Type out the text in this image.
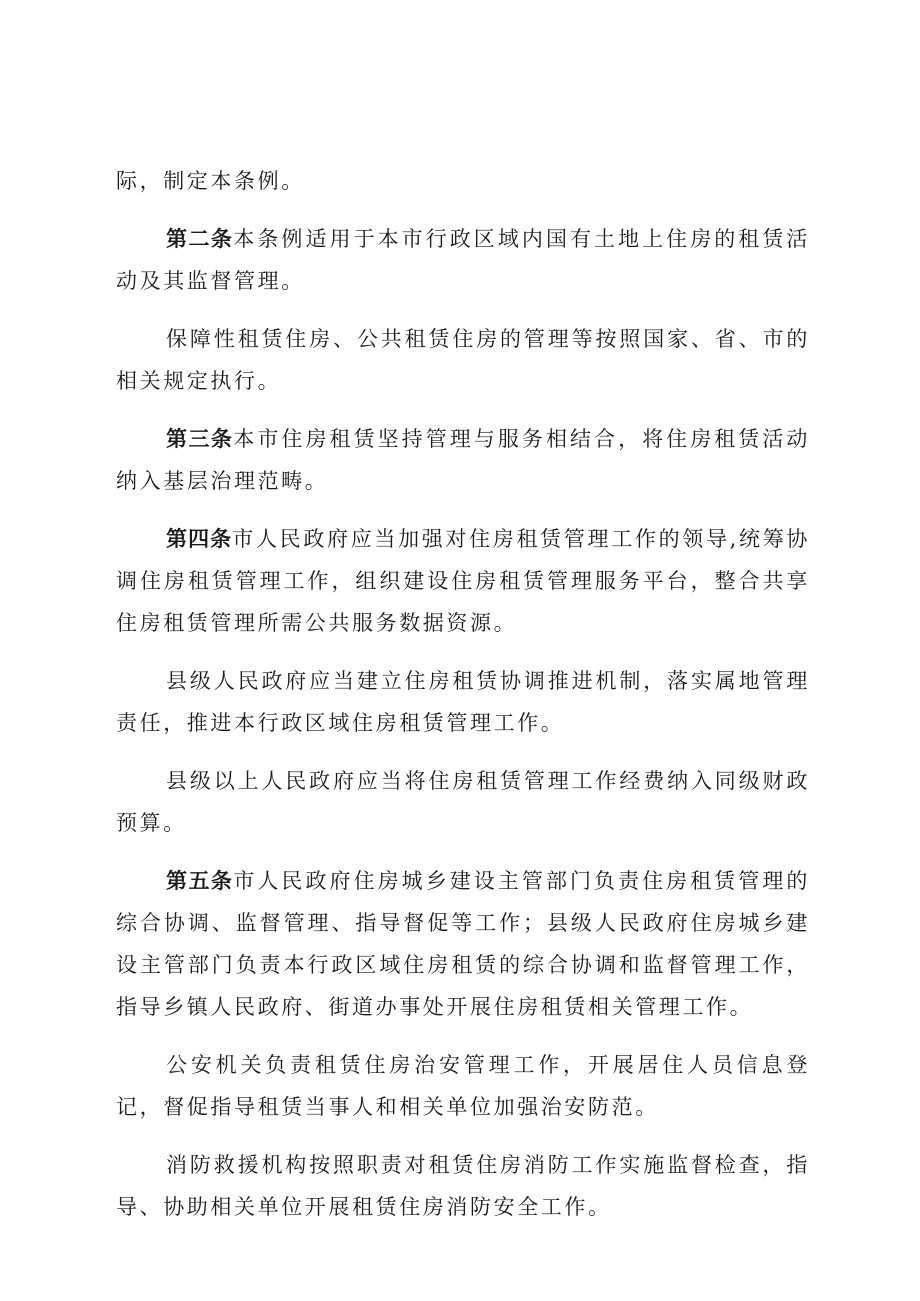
际，制定本条例。

第二条本条例适用于本市行政区域内国有土地上住房的租赁活动及其监督管理。

保障性租赁住房、公共租赁住房的管理等按照国家、省、市的相关规定执行。

第三条本市住房租赁坚持管理与服务相结合，将住房租赁活动纳入基层治理范畴。

第四条市人民政府应当加强对住房租赁管理工作的领导,统筹协调住房租赁管理工作，组织建设住房租赁管理服务平台，整合共享住房租赁管理所需公共服务数据资源。

县级人民政府应当建立住房租赁协调推进机制，落实属地管理责任，推进本行政区域住房租赁管理工作。

县级以上人民政府应当将住房租赁管理工作经费纳入同级财政预算。

第五条市人民政府住房城乡建设主管部门负责住房租赁管理的综合协调、监督管理、指导督促等工作；县级人民政府住房城乡建设主管部门负责本行政区域住房租赁的综合协调和监督管理工作，指导乡镇人民政府、街道办事处开展住房租赁相关管理工作。

公安机关负责租赁住房治安管理工作，开展居住人员信息登记，督促指导租赁当事人和相关单位加强治安防范。

消防救援机构按照职责对租赁住房消防工作实施监督检查，指导、协助相关单位开展租赁住房消防安全工作。
